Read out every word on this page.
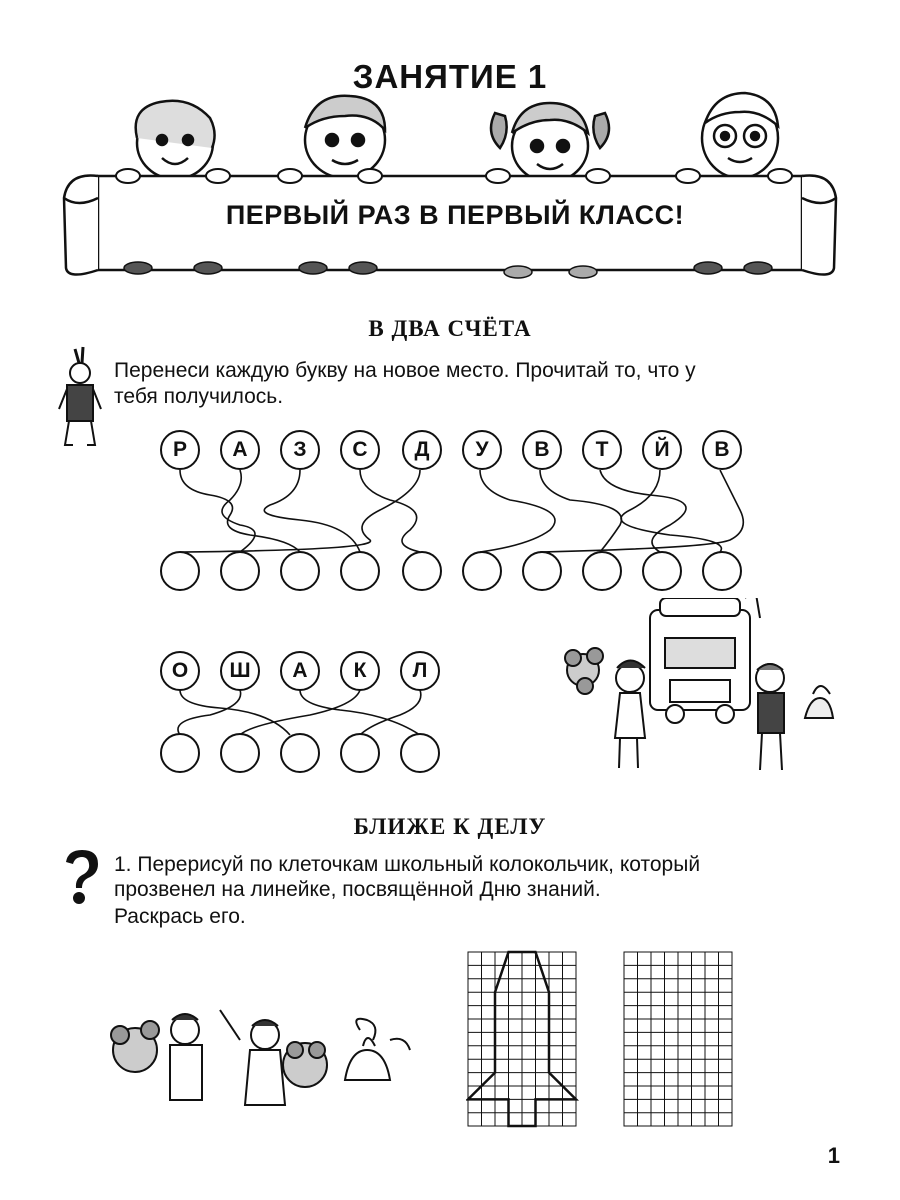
ЗАНЯТИЕ 1
ПЕРВЫЙ РАЗ В ПЕРВЫЙ КЛАСС!
В ДВА СЧЁТА
Перенеси каждую букву на новое место. Прочитай то, что у
тебя получилось.
Р	А	З	С	Д	У	В	Т	Й	В
О	Ш	А	К	Л
БЛИЖЕ К ДЕЛУ
1. Перерисуй по клеточкам школьный колокольчик, который
прозвенел на линейке, посвящённой Дню знаний.
Раскрась его.
1
